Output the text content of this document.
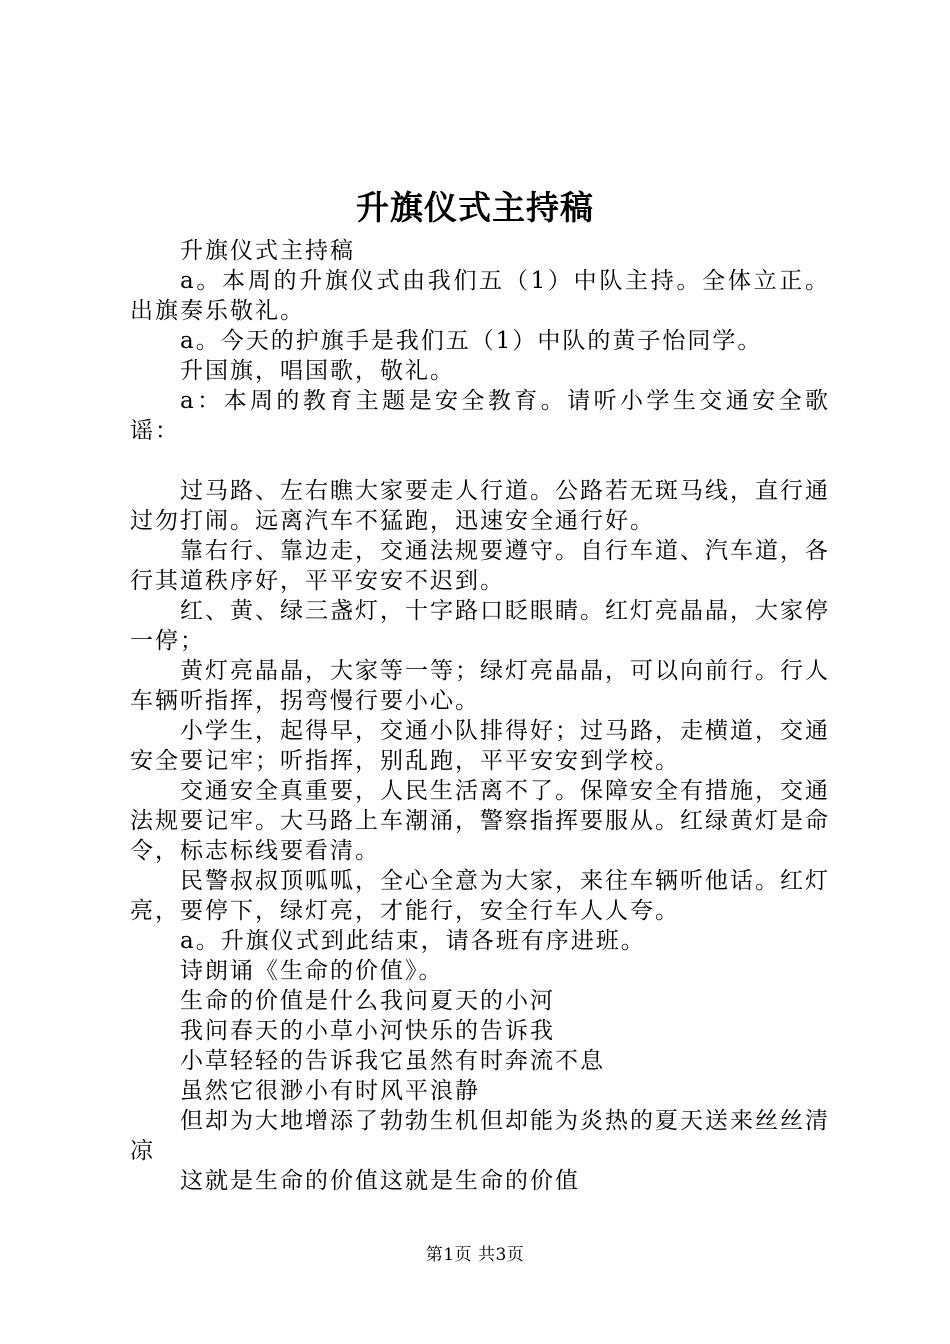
升旗仪式主持稿

升旗仪式主持稿

a。本周的升旗仪式由我们五（1）中队主持。全体立正。出旗奏乐敬礼。

a。今天的护旗手是我们五（1）中队的黄子怡同学。

升国旗，唱国歌，敬礼。

a：本周的教育主题是安全教育。请听小学生交通安全歌谣：

过马路、左右瞧大家要走人行道。公路若无斑马线，直行通过勿打闹。远离汽车不猛跑，迅速安全通行好。

靠右行、靠边走，交通法规要遵守。自行车道、汽车道，各行其道秩序好，平平安安不迟到。

红、黄、绿三盏灯，十字路口眨眼睛。红灯亮晶晶，大家停一停；

黄灯亮晶晶，大家等一等；绿灯亮晶晶，可以向前行。行人车辆听指挥，拐弯慢行要小心。

小学生，起得早，交通小队排得好；过马路，走横道，交通安全要记牢；听指挥，别乱跑，平平安安到学校。

交通安全真重要，人民生活离不了。保障安全有措施，交通法规要记牢。大马路上车潮涌，警察指挥要服从。红绿黄灯是命令，标志标线要看清。

民警叔叔顶呱呱，全心全意为大家，来往车辆听他话。红灯亮，要停下，绿灯亮，才能行，安全行车人人夸。

a。升旗仪式到此结束，请各班有序进班。

诗朗诵《生命的价值》。

生命的价值是什么我问夏天的小河

我问春天的小草小河快乐的告诉我

小草轻轻的告诉我它虽然有时奔流不息

虽然它很渺小有时风平浪静

但却为大地增添了勃勃生机但却能为炎热的夏天送来丝丝清凉

这就是生命的价值这就是生命的价值

第1页 共3页
